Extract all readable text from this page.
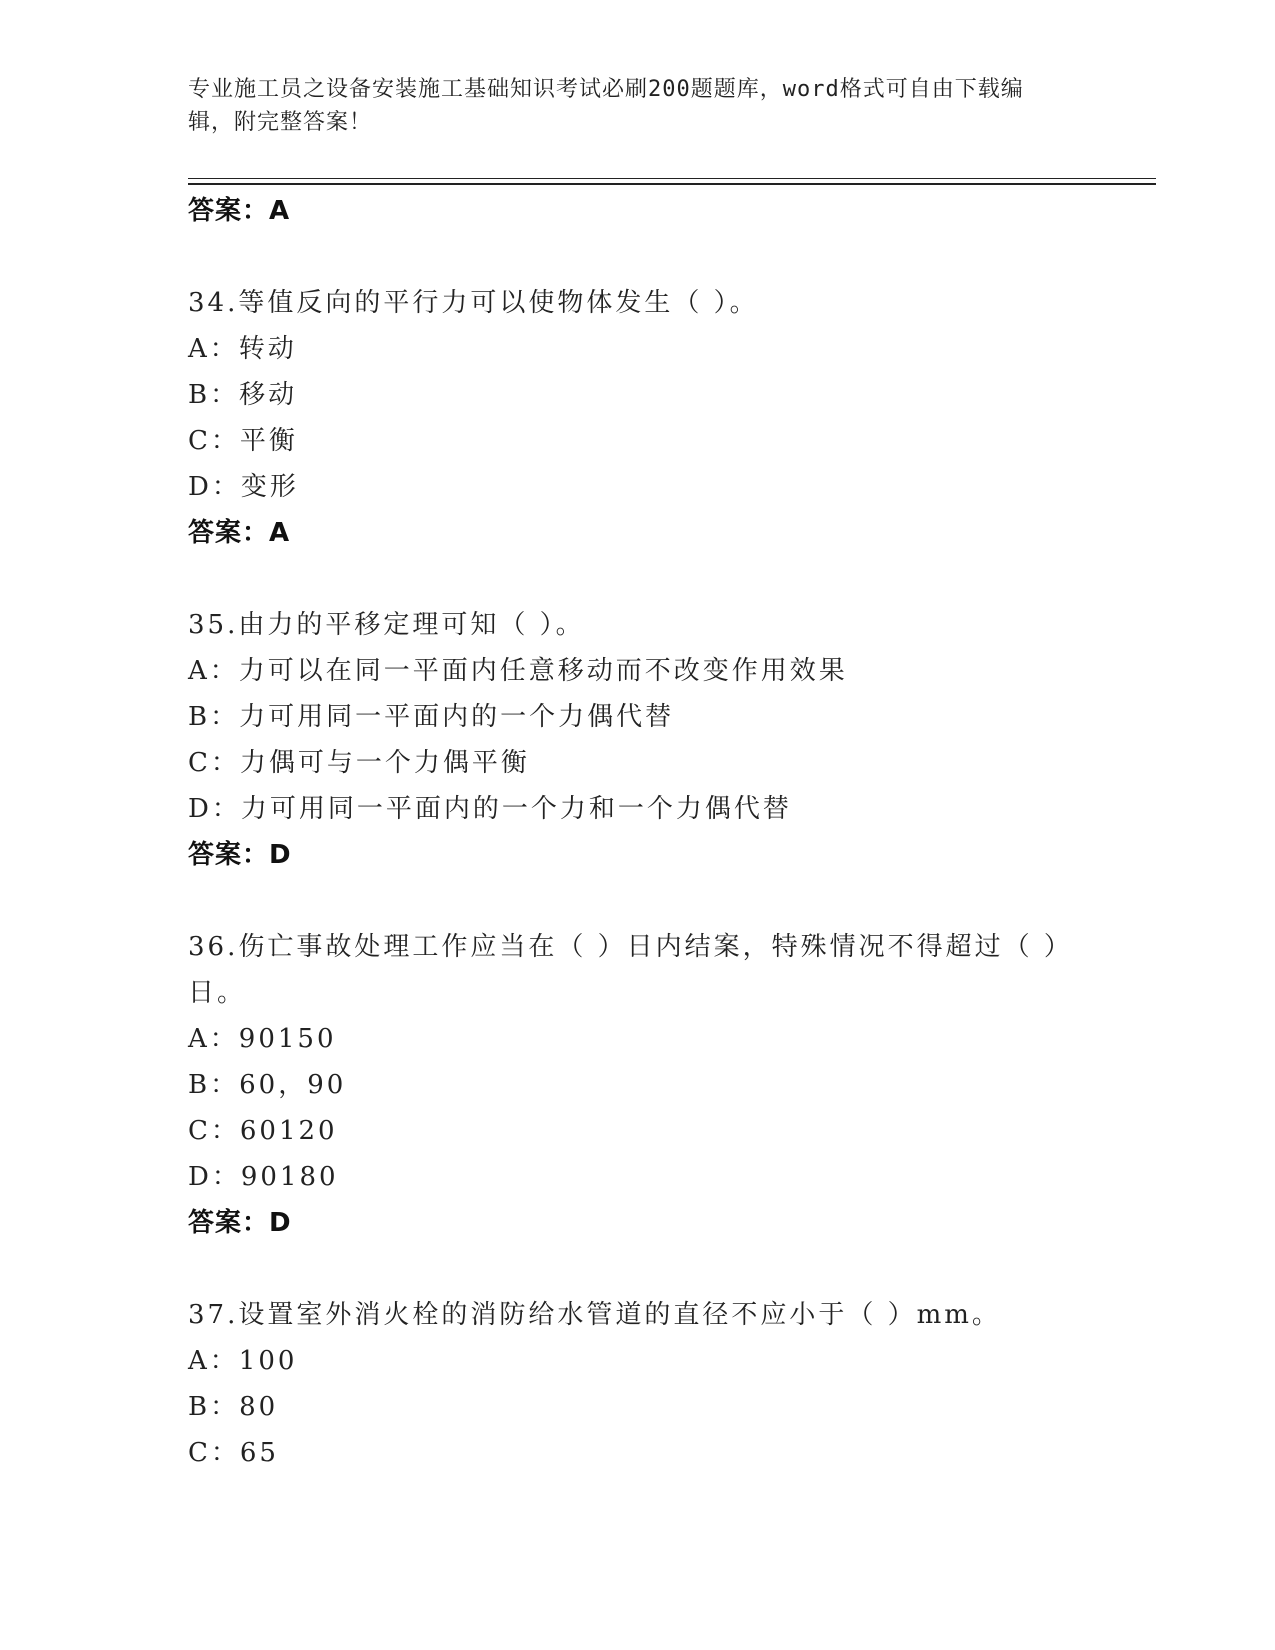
专业施工员之设备安装施工基础知识考试必刷200题题库，word格式可自由下载编辑，附完整答案！
答案：A
34.等值反向的平行力可以使物体发生（ ）。
A：转动
B：移动
C：平衡
D：变形
答案：A
35.由力的平移定理可知（ ）。
A：力可以在同一平面内任意移动而不改变作用效果
B：力可用同一平面内的一个力偶代替
C：力偶可与一个力偶平衡
D：力可用同一平面内的一个力和一个力偶代替
答案：D
36.伤亡事故处理工作应当在（ ）日内结案，特殊情况不得超过（ ）日。
A：90150
B：60，90
C：60120
D：90180
答案：D
37.设置室外消火栓的消防给水管道的直径不应小于（ ）mm。
A：100
B：80
C：65
